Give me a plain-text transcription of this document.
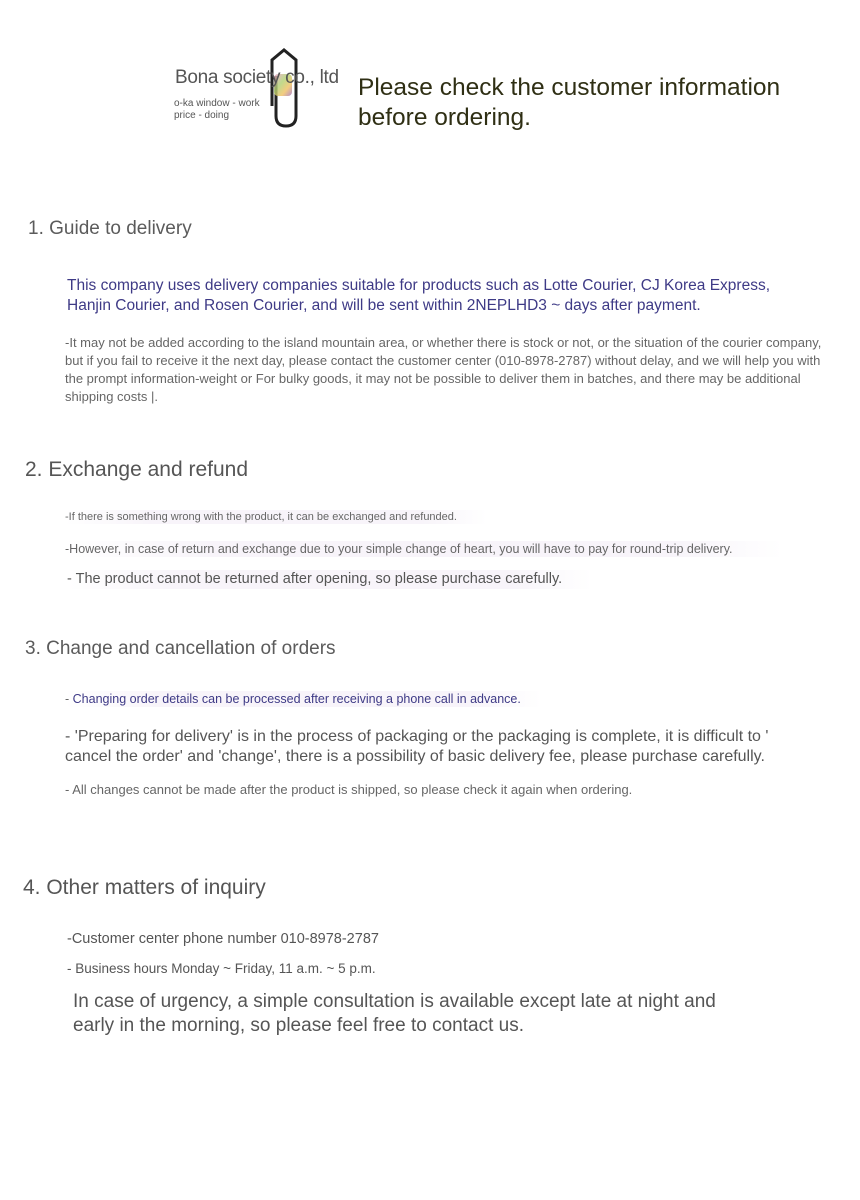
Bona society co., ltd
o-ka window - work price - doing
Please check the customer information before ordering.
1. Guide to delivery
This company uses delivery companies suitable for products such as Lotte Courier, CJ Korea Express, Hanjin Courier, and Rosen Courier, and will be sent within 2NEPLHD3 ~ days after payment.
-It may not be added according to the island mountain area, or whether there is stock or not, or the situation of the courier company, but if you fail to receive it the next day, please contact the customer center (010-8978-2787) without delay, and we will help you with the prompt information-weight or For bulky goods, it may not be possible to deliver them in batches, and there may be additional shipping costs |.
2. Exchange and refund
-If there is something wrong with the product, it can be exchanged and refunded.
-However, in case of return and exchange due to your simple change of heart, you will have to pay for round-trip delivery.
- The product cannot be returned after opening, so please purchase carefully.
3. Change and cancellation of orders
- Changing order details can be processed after receiving a phone call in advance.
- 'Preparing for delivery' is in the process of packaging or the packaging is complete, it is difficult to ' cancel the order' and 'change', there is a possibility of basic delivery fee, please purchase carefully.
- All changes cannot be made after the product is shipped, so please check it again when ordering.
4. Other matters of inquiry
-Customer center phone number 010-8978-2787
- Business hours Monday ~ Friday, 11 a.m. ~ 5 p.m.
In case of urgency, a simple consultation is available except late at night and early in the morning, so please feel free to contact us.
